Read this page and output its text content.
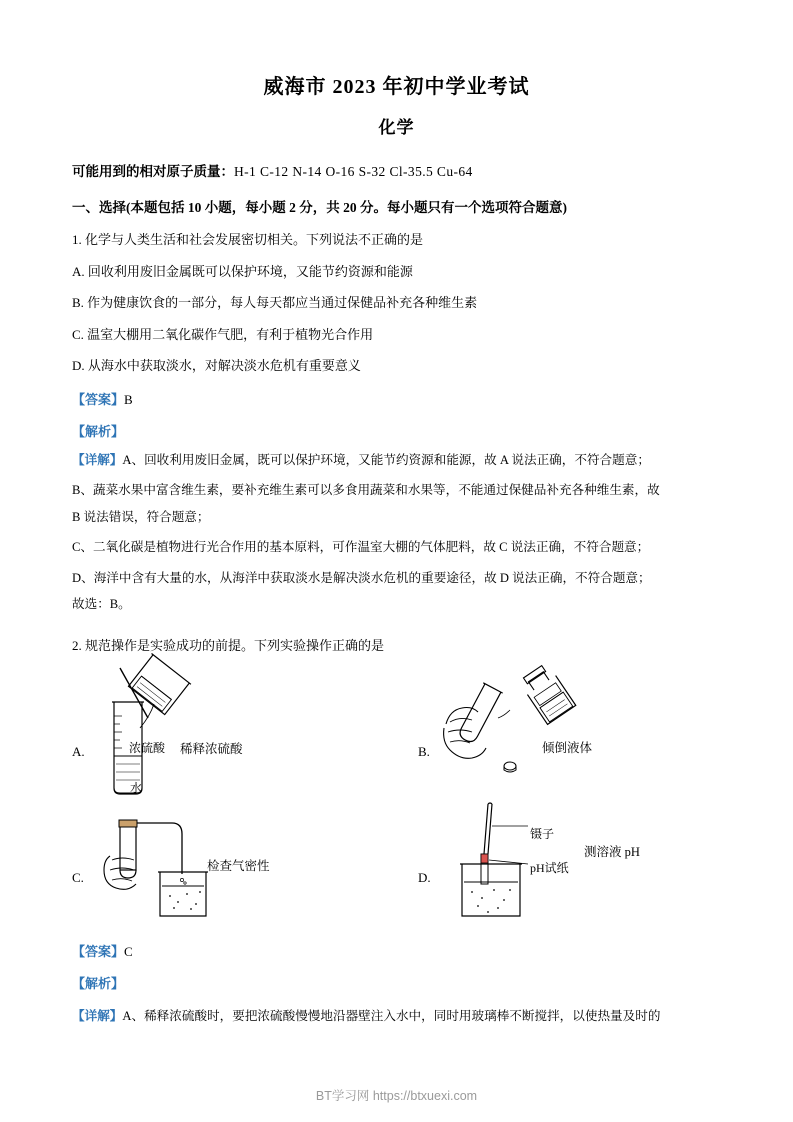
威海市 2023 年初中学业考试
化学
可能用到的相对原子质量：H-1 C-12 N-14 O-16 S-32 Cl-35.5 Cu-64
一、选择(本题包括 10 小题，每小题 2 分，共 20 分。每小题只有一个选项符合题意)
1. 化学与人类生活和社会发展密切相关。下列说法不正确的是
A. 回收利用废旧金属既可以保护环境，又能节约资源和能源
B. 作为健康饮食的一部分，每人每天都应当通过保健品补充各种维生素
C. 温室大棚用二氧化碳作气肥，有利于植物光合作用
D. 从海水中获取淡水，对解决淡水危机有重要意义
【答案】B
【解析】
【详解】A、回收利用废旧金属，既可以保护环境，又能节约资源和能源，故 A 说法正确，不符合题意；
B、蔬菜水果中富含维生素，要补充维生素可以多食用蔬菜和水果等，不能通过保健品补充各种维生素，故
B 说法错误，符合题意；
C、二氧化碳是植物进行光合作用的基本原料，可作温室大棚的气体肥料，故 C 说法正确，不符合题意；
D、海洋中含有大量的水，从海洋中获取淡水是解决淡水危机的重要途径，故 D 说法正确，不符合题意；
故选：B。
2. 规范操作是实验成功的前提。下列实验操作正确的是
A.	浓硫酸
水
稀释浓硫酸	B.	倾倒液体
C.
检查气密性
D.
镊子
pH试纸
测溶液 pH
【答案】C
【解析】
【详解】A、稀释浓硫酸时，要把浓硫酸慢慢地沿器壁注入水中，同时用玻璃棒不断搅拌，以使热量及时的
BT学习网 https://btxuexi.com
